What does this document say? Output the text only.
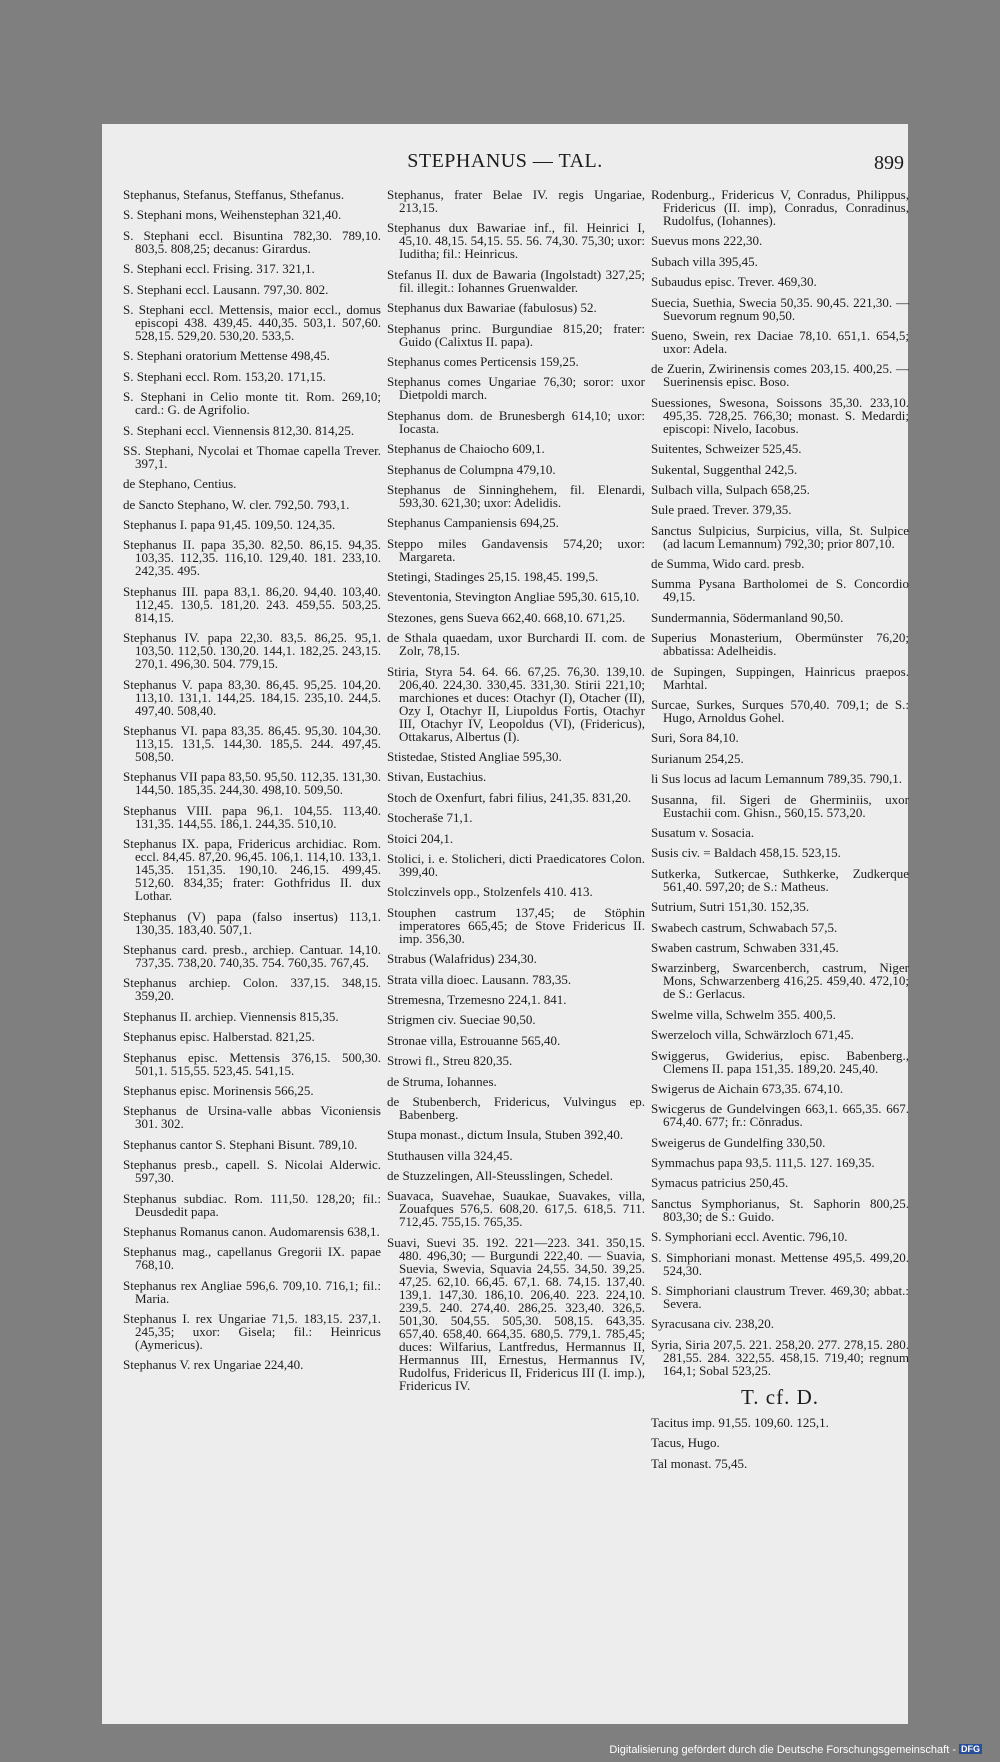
STEPHANUS — TAL.	899
Stephanus, Stefanus, Steffanus, Sthefanus.
S. Stephani mons, Weihenstephan 321,40.
S. Stephani eccl. Bisuntina 782,30. 789,10. 803,5. 808,25; decanus: Girardus.
S. Stephani eccl. Frising. 317. 321,1.
S. Stephani eccl. Lausann. 797,30. 802.
S. Stephani eccl. Mettensis, maior eccl., domus episcopi 438. 439,45. 440,35. 503,1. 507,60. 528,15. 529,20. 530,20. 533,5.
S. Stephani oratorium Mettense 498,45.
S. Stephani eccl. Rom. 153,20. 171,15.
S. Stephani in Celio monte tit. Rom. 269,10; card.: G. de Agrifolio.
S. Stephani eccl. Viennensis 812,30. 814,25.
SS. Stephani, Nycolai et Thomae capella Trever. 397,1.
de Stephano, Centius.
de Sancto Stephano, W. cler. 792,50. 793,1.
Stephanus I. papa 91,45. 109,50. 124,35.
Stephanus II. papa 35,30. 82,50. 86,15. 94,35. 103,35. 112,35. 116,10. 129,40. 181. 233,10. 242,35. 495.
Stephanus III. papa 83,1. 86,20. 94,40. 103,40. 112,45. 130,5. 181,20. 243. 459,55. 503,25. 814,15.
Stephanus IV. papa 22,30. 83,5. 86,25. 95,1. 103,50. 112,50. 130,20. 144,1. 182,25. 243,15. 270,1. 496,30. 504. 779,15.
Stephanus V. papa 83,30. 86,45. 95,25. 104,20. 113,10. 131,1. 144,25. 184,15. 235,10. 244,5. 497,40. 508,40.
Stephanus VI. papa 83,35. 86,45. 95,30. 104,30. 113,15. 131,5. 144,30. 185,5. 244. 497,45. 508,50.
Stephanus VII papa 83,50. 95,50. 112,35. 131,30. 144,50. 185,35. 244,30. 498,10. 509,50.
Stephanus VIII. papa 96,1. 104,55. 113,40. 131,35. 144,55. 186,1. 244,35. 510,10.
Stephanus IX. papa, Fridericus archidiac. Rom. eccl. 84,45. 87,20. 96,45. 106,1. 114,10. 133,1. 145,35. 151,35. 190,10. 246,15. 499,45. 512,60. 834,35; frater: Gothfridus II. dux Lothar.
Stephanus (V) papa (falso insertus) 113,1. 130,35. 183,40. 507,1.
Stephanus card. presb., archiep. Cantuar. 14,10. 737,35. 738,20. 740,35. 754. 760,35. 767,45.
Stephanus archiep. Colon. 337,15. 348,15. 359,20.
Stephanus II. archiep. Viennensis 815,35.
Stephanus episc. Halberstad. 821,25.
Stephanus episc. Mettensis 376,15. 500,30. 501,1. 515,55. 523,45. 541,15.
Stephanus episc. Morinensis 566,25.
Stephanus de Ursina-valle abbas Viconiensis 301. 302.
Stephanus cantor S. Stephani Bisunt. 789,10.
Stephanus presb., capell. S. Nicolai Alderwic. 597,30.
Stephanus subdiac. Rom. 111,50. 128,20; fil.: Deusdedit papa.
Stephanus Romanus canon. Audomarensis 638,1.
Stephanus mag., capellanus Gregorii IX. papae 768,10.
Stephanus rex Angliae 596,6. 709,10. 716,1; fil.: Maria.
Stephanus I. rex Ungariae 71,5. 183,15. 237,1. 245,35; uxor: Gisela; fil.: Heinricus (Aymericus).
Stephanus V. rex Ungariae 224,40.
Stephanus, frater Belae IV. regis Ungariae, 213,15.
Stephanus dux Bawariae inf., fil. Heinrici I, 45,10. 48,15. 54,15. 55. 56. 74,30. 75,30; uxor: Iuditha; fil.: Heinricus.
Stefanus II. dux de Bawaria (Ingolstadt) 327,25; fil. illegit.: Iohannes Gruenwalder.
Stephanus dux Bawariae (fabulosus) 52.
Stephanus princ. Burgundiae 815,20; frater: Guido (Calixtus II. papa).
Stephanus comes Perticensis 159,25.
Stephanus comes Ungariae 76,30; soror: uxor Dietpoldi march.
Stephanus dom. de Brunesbergh 614,10; uxor: Iocasta.
Stephanus de Chaiocho 609,1.
Stephanus de Columpna 479,10.
Stephanus de Sinninghehem, fil. Elenardi, 593,30. 621,30; uxor: Adelidis.
Stephanus Campaniensis 694,25.
Steppo miles Gandavensis 574,20; uxor: Margareta.
Stetingi, Stadinges 25,15. 198,45. 199,5.
Steventonia, Stevington Angliae 595,30. 615,10.
Stezones, gens Sueva 662,40. 668,10. 671,25.
de Sthala quaedam, uxor Burchardi II. com. de Zolr, 78,15.
Stiria, Styra 54. 64. 66. 67,25. 76,30. 139,10. 206,40. 224,30. 330,45. 331,30. Stirii 221,10; marchiones et duces: Otachyr (I), Otacher (II), Ozy I, Otachyr II, Liupoldus Fortis, Otachyr III, Otachyr IV, Leopoldus (VI), (Fridericus), Ottakarus, Albertus (I).
Stistedae, Stisted Angliae 595,30.
Stivan, Eustachius.
Stoch de Oxenfurt, fabri filius, 241,35. 831,20.
Stocheraše 71,1.
Stoici 204,1.
Stolici, i. e. Stolicheri, dicti Praedicatores Colon. 399,40.
Stolczinvels opp., Stolzenfels 410. 413.
Stouphen castrum 137,45; de Stöphin imperatores 665,45; de Stove Fridericus II. imp. 356,30.
Strabus (Walafridus) 234,30.
Strata villa dioec. Lausann. 783,35.
Stremesna, Trzemesno 224,1. 841.
Strigmen civ. Sueciae 90,50.
Stronae villa, Estrouanne 565,40.
Strowi fl., Streu 820,35.
de Struma, Iohannes.
de Stubenberch, Fridericus, Vulvingus ep. Babenberg.
Stupa monast., dictum Insula, Stuben 392,40.
Stuthausen villa 324,45.
de Stuzzelingen, All-Steusslingen, Schedel.
Suavaca, Suavehae, Suaukae, Suavakes, villa, Zouafques 576,5. 608,20. 617,5. 618,5. 711. 712,45. 755,15. 765,35.
Suavi, Suevi 35. 192. 221—223. 341. 350,15. 480. 496,30; — Burgundi 222,40. — Suavia, Suevia, Swevia, Squavia 24,55. 34,50. 39,25. 47,25. 62,10. 66,45. 67,1. 68. 74,15. 137,40. 139,1. 147,30. 186,10. 206,40. 223. 224,10. 239,5. 240. 274,40. 286,25. 323,40. 326,5. 501,30. 504,55. 505,30. 508,15. 643,35. 657,40. 658,40. 664,35. 680,5. 779,1. 785,45; duces: Wilfarius, Lantfredus, Hermannus II, Hermannus III, Ernestus, Hermannus IV, Rudolfus, Fridericus II, Fridericus III (I. imp.), Fridericus IV.
Rodenburg., Fridericus V, Conradus, Philippus, Fridericus (II. imp), Conradus, Conradinus, Rudolfus, (Iohannes).
Suevus mons 222,30.
Subach villa 395,45.
Subaudus episc. Trever. 469,30.
Suecia, Suethia, Swecia 50,35. 90,45. 221,30. — Suevorum regnum 90,50.
Sueno, Swein, rex Daciae 78,10. 651,1. 654,5; uxor: Adela.
de Zuerin, Zwirinensis comes 203,15. 400,25. — Suerinensis episc. Boso.
Suessiones, Swesona, Soissons 35,30. 233,10. 495,35. 728,25. 766,30; monast. S. Medardi; episcopi: Nivelo, Iacobus.
Suitentes, Schweizer 525,45.
Sukental, Suggenthal 242,5.
Sulbach villa, Sulpach 658,25.
Sule praed. Trever. 379,35.
Sanctus Sulpicius, Surpicius, villa, St. Sulpice (ad lacum Lemannum) 792,30; prior 807,10.
de Summa, Wido card. presb.
Summa Pysana Bartholomei de S. Concordio 49,15.
Sundermannia, Södermanland 90,50.
Superius Monasterium, Obermünster 76,20; abbatissa: Adelheidis.
de Supingen, Suppingen, Hainricus praepos. Marhtal.
Surcae, Surkes, Surques 570,40. 709,1; de S.: Hugo, Arnoldus Gohel.
Suri, Sora 84,10.
Surianum 254,25.
li Sus locus ad lacum Lemannum 789,35. 790,1.
Susanna, fil. Sigeri de Gherminiis, uxor Eustachii com. Ghisn., 560,15. 573,20.
Susatum v. Sosacia.
Susis civ. = Baldach 458,15. 523,15.
Sutkerka, Sutkercae, Suthkerke, Zudkerque 561,40. 597,20; de S.: Matheus.
Sutrium, Sutri 151,30. 152,35.
Swabech castrum, Schwabach 57,5.
Swaben castrum, Schwaben 331,45.
Swarzinberg, Swarcenberch, castrum, Niger Mons, Schwarzenberg 416,25. 459,40. 472,10; de S.: Gerlacus.
Swelme villa, Schwelm 355. 400,5.
Swerzeloch villa, Schwärzloch 671,45.
Swiggerus, Gwiderius, episc. Babenberg., Clemens II. papa 151,35. 189,20. 245,40.
Swigerus de Aichain 673,35. 674,10.
Swicgerus de Gundelvingen 663,1. 665,35. 667. 674,40. 677; fr.: Cŏnradus.
Sweigerus de Gundelfing 330,50.
Symmachus papa 93,5. 111,5. 127. 169,35.
Symacus patricius 250,45.
Sanctus Symphorianus, St. Saphorin 800,25. 803,30; de S.: Guido.
S. Symphoriani eccl. Aventic. 796,10.
S. Simphoriani monast. Mettense 495,5. 499,20. 524,30.
S. Simphoriani claustrum Trever. 469,30; abbat.: Severa.
Syracusana civ. 238,20.
Syria, Siria 207,5. 221. 258,20. 277. 278,15. 280. 281,55. 284. 322,55. 458,15. 719,40; regnum 164,1; Sobal 523,25.
T. cf. D.
Tacitus imp. 91,55. 109,60. 125,1.
Tacus, Hugo.
Tal monast. 75,45.
Digitalisierung gefördert durch die Deutsche Forschungsgemeinschaft - DFG
